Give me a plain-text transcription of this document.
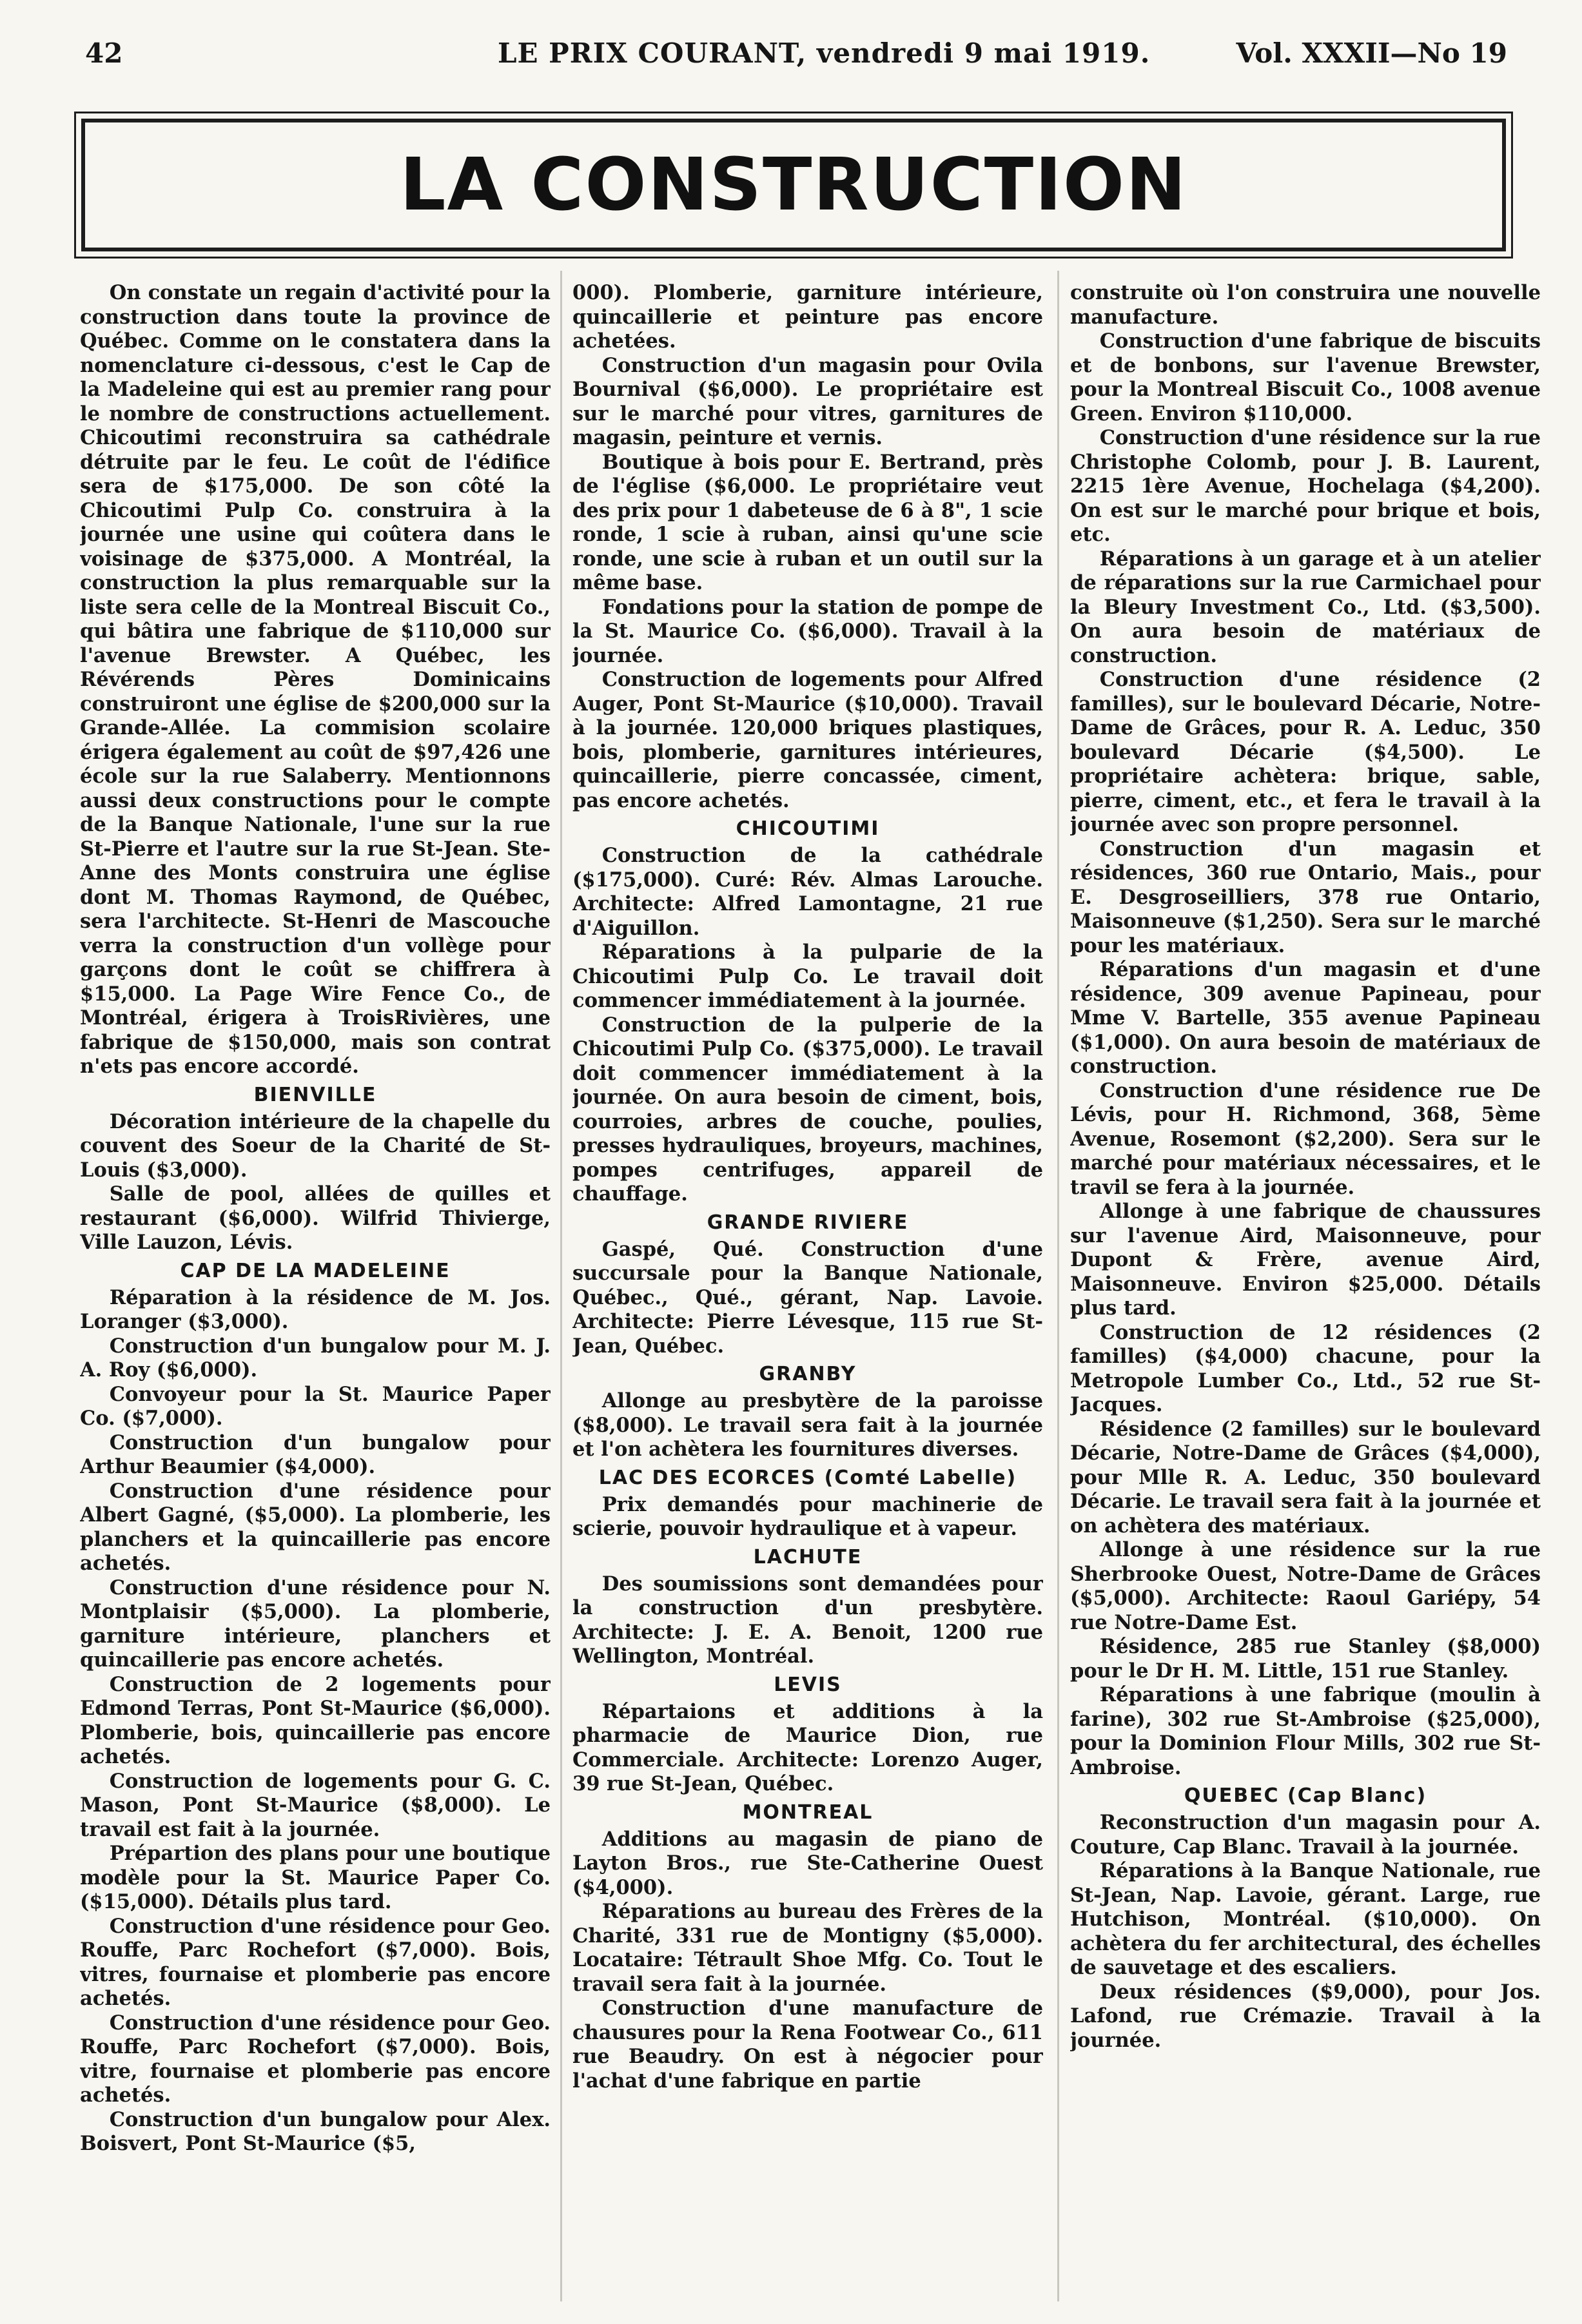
42	LE PRIX COURANT, vendredi 9 mai 1919.	Vol. XXXII—No 19
LA CONSTRUCTION

On constate un regain d'activité pour la construction dans toute la province de Québec. Comme on le constatera dans la nomenclature ci-dessous, c'est le Cap de la Madeleine qui est au premier rang pour le nombre de constructions actuellement. Chicoutimi reconstruira sa cathédrale détruite par le feu. Le coût de l'édifice sera de $175,000. De son côté la Chicoutimi Pulp Co. construira à la journée une usine qui coûtera dans le voisinage de $375,000. A Montréal, la construction la plus remarquable sur la liste sera celle de la Montreal Biscuit Co., qui bâtira une fabrique de $110,000 sur l'avenue Brewster. A Québec, les Révérends Pères Dominicains construiront une église de $200,000 sur la Grande-Allée. La commision scolaire érigera également au coût de $97,426 une école sur la rue Salaberry. Mentionnons aussi deux constructions pour le compte de la Banque Nationale, l'une sur la rue St-Pierre et l'autre sur la rue St-Jean. Ste-Anne des Monts construira une église dont M. Thomas Raymond, de Québec, sera l'architecte. St-Henri de Mascouche verra la construction d'un vollège pour garçons dont le coût se chiffrera à $15,000. La Page Wire Fence Co., de Montréal, érigera à TroisRivières, une fabrique de $150,000, mais son contrat n'ets pas encore accordé.

BIENVILLE

Décoration intérieure de la chapelle du couvent des Soeur de la Charité de St-Louis ($3,000).

Salle de pool, allées de quilles et restaurant ($6,000). Wilfrid Thivierge, Ville Lauzon, Lévis.

CAP DE LA MADELEINE

Réparation à la résidence de M. Jos. Loranger ($3,000).

Construction d'un bungalow pour M. J. A. Roy ($6,000).

Convoyeur pour la St. Maurice Paper Co. ($7,000).

Construction d'un bungalow pour Arthur Beaumier ($4,000).

Construction d'une résidence pour Albert Gagné, ($5,000). La plomberie, les planchers et la quincaillerie pas encore achetés.

Construction d'une résidence pour N. Montplaisir ($5,000). La plomberie, garniture intérieure, planchers et quincaillerie pas encore achetés.

Construction de 2 logements pour Edmond Terras, Pont St-Maurice ($6,000). Plomberie, bois, quincaillerie pas encore achetés.

Construction de logements pour G. C. Mason, Pont St-Maurice ($8,000). Le travail est fait à la journée.

Prépartion des plans pour une boutique modèle pour la St. Maurice Paper Co. ($15,000). Détails plus tard.

Construction d'une résidence pour Geo. Rouffe, Parc Rochefort ($7,000). Bois, vitres, fournaise et plomberie pas encore achetés.

Construction d'une résidence pour Geo. Rouffe, Parc Rochefort ($7,000). Bois, vitre, fournaise et plomberie pas encore achetés.

Construction d'un bungalow pour Alex. Boisvert, Pont St-Maurice ($5,

000). Plomberie, garniture intérieure, quincaillerie et peinture pas encore achetées.

Construction d'un magasin pour Ovila Bournival ($6,000). Le propriétaire est sur le marché pour vitres, garnitures de magasin, peinture et vernis.

Boutique à bois pour E. Bertrand, près de l'église ($6,000. Le propriétaire veut des prix pour 1 dabeteuse de 6 à 8", 1 scie ronde, 1 scie à ruban, ainsi qu'une scie ronde, une scie à ruban et un outil sur la même base.

Fondations pour la station de pompe de la St. Maurice Co. ($6,000). Travail à la journée.

Construction de logements pour Alfred Auger, Pont St-Maurice ($10,000). Travail à la journée. 120,000 briques plastiques, bois, plomberie, garnitures intérieures, quincaillerie, pierre concassée, ciment, pas encore achetés.

CHICOUTIMI

Construction de la cathédrale ($175,000). Curé: Rév. Almas Larouche. Architecte: Alfred Lamontagne, 21 rue d'Aiguillon.

Réparations à la pulparie de la Chicoutimi Pulp Co. Le travail doit commencer immédiatement à la journée.

Construction de la pulperie de la Chicoutimi Pulp Co. ($375,000). Le travail doit commencer immédiatement à la journée. On aura besoin de ciment, bois, courroies, arbres de couche, poulies, presses hydrauliques, broyeurs, machines, pompes centrifuges, appareil de chauffage.

GRANDE RIVIERE

Gaspé, Qué. Construction d'une succursale pour la Banque Nationale, Québec., Qué., gérant, Nap. Lavoie. Architecte: Pierre Lévesque, 115 rue St-Jean, Québec.

GRANBY

Allonge au presbytère de la paroisse ($8,000). Le travail sera fait à la journée et l'on achètera les fournitures diverses.

LAC DES ECORCES (Comté Labelle)

Prix demandés pour machinerie de scierie, pouvoir hydraulique et à vapeur.

LACHUTE

Des soumissions sont demandées pour la construction d'un presbytère. Architecte: J. E. A. Benoit, 1200 rue Wellington, Montréal.

LEVIS

Répartaions et additions à la pharmacie de Maurice Dion, rue Commerciale. Architecte: Lorenzo Auger, 39 rue St-Jean, Québec.

MONTREAL

Additions au magasin de piano de Layton Bros., rue Ste-Catherine Ouest ($4,000).

Réparations au bureau des Frères de la Charité, 331 rue de Montigny ($5,000). Locataire: Tétrault Shoe Mfg. Co. Tout le travail sera fait à la journée.

Construction d'une manufacture de chausures pour la Rena Footwear Co., 611 rue Beaudry. On est à négocier pour l'achat d'une fabrique en partie

construite où l'on construira une nouvelle manufacture.

Construction d'une fabrique de biscuits et de bonbons, sur l'avenue Brewster, pour la Montreal Biscuit Co., 1008 avenue Green. Environ $110,000.

Construction d'une résidence sur la rue Christophe Colomb, pour J. B. Laurent, 2215 1ère Avenue, Hochelaga ($4,200). On est sur le marché pour brique et bois, etc.

Réparations à un garage et à un atelier de réparations sur la rue Carmichael pour la Bleury Investment Co., Ltd. ($3,500). On aura besoin de matériaux de construction.

Construction d'une résidence (2 familles), sur le boulevard Décarie, Notre-Dame de Grâces, pour R. A. Leduc, 350 boulevard Décarie ($4,500). Le propriétaire achètera: brique, sable, pierre, ciment, etc., et fera le travail à la journée avec son propre personnel.

Construction d'un magasin et résidences, 360 rue Ontario, Mais., pour E. Desgroseilliers, 378 rue Ontario, Maisonneuve ($1,250). Sera sur le marché pour les matériaux.

Réparations d'un magasin et d'une résidence, 309 avenue Papineau, pour Mme V. Bartelle, 355 avenue Papineau ($1,000). On aura besoin de matériaux de construction.

Construction d'une résidence rue De Lévis, pour H. Richmond, 368, 5ème Avenue, Rosemont ($2,200). Sera sur le marché pour matériaux nécessaires, et le travil se fera à la journée.

Allonge à une fabrique de chaussures sur l'avenue Aird, Maisonneuve, pour Dupont & Frère, avenue Aird, Maisonneuve. Environ $25,000. Détails plus tard.

Construction de 12 résidences (2 familles) ($4,000) chacune, pour la Metropole Lumber Co., Ltd., 52 rue St-Jacques.

Résidence (2 familles) sur le boulevard Décarie, Notre-Dame de Grâces ($4,000), pour Mlle R. A. Leduc, 350 boulevard Décarie. Le travail sera fait à la journée et on achètera des matériaux.

Allonge à une résidence sur la rue Sherbrooke Ouest, Notre-Dame de Grâces ($5,000). Architecte: Raoul Gariépy, 54 rue Notre-Dame Est.

Résidence, 285 rue Stanley ($8,000) pour le Dr H. M. Little, 151 rue Stanley.

Réparations à une fabrique (moulin à farine), 302 rue St-Ambroise ($25,000), pour la Dominion Flour Mills, 302 rue St-Ambroise.

QUEBEC (Cap Blanc)

Reconstruction d'un magasin pour A. Couture, Cap Blanc. Travail à la journée.

Réparations à la Banque Nationale, rue St-Jean, Nap. Lavoie, gérant. Large, rue Hutchison, Montréal. ($10,000). On achètera du fer architectural, des échelles de sauvetage et des escaliers.

Deux résidences ($9,000), pour Jos. Lafond, rue Crémazie. Travail à la journée.
